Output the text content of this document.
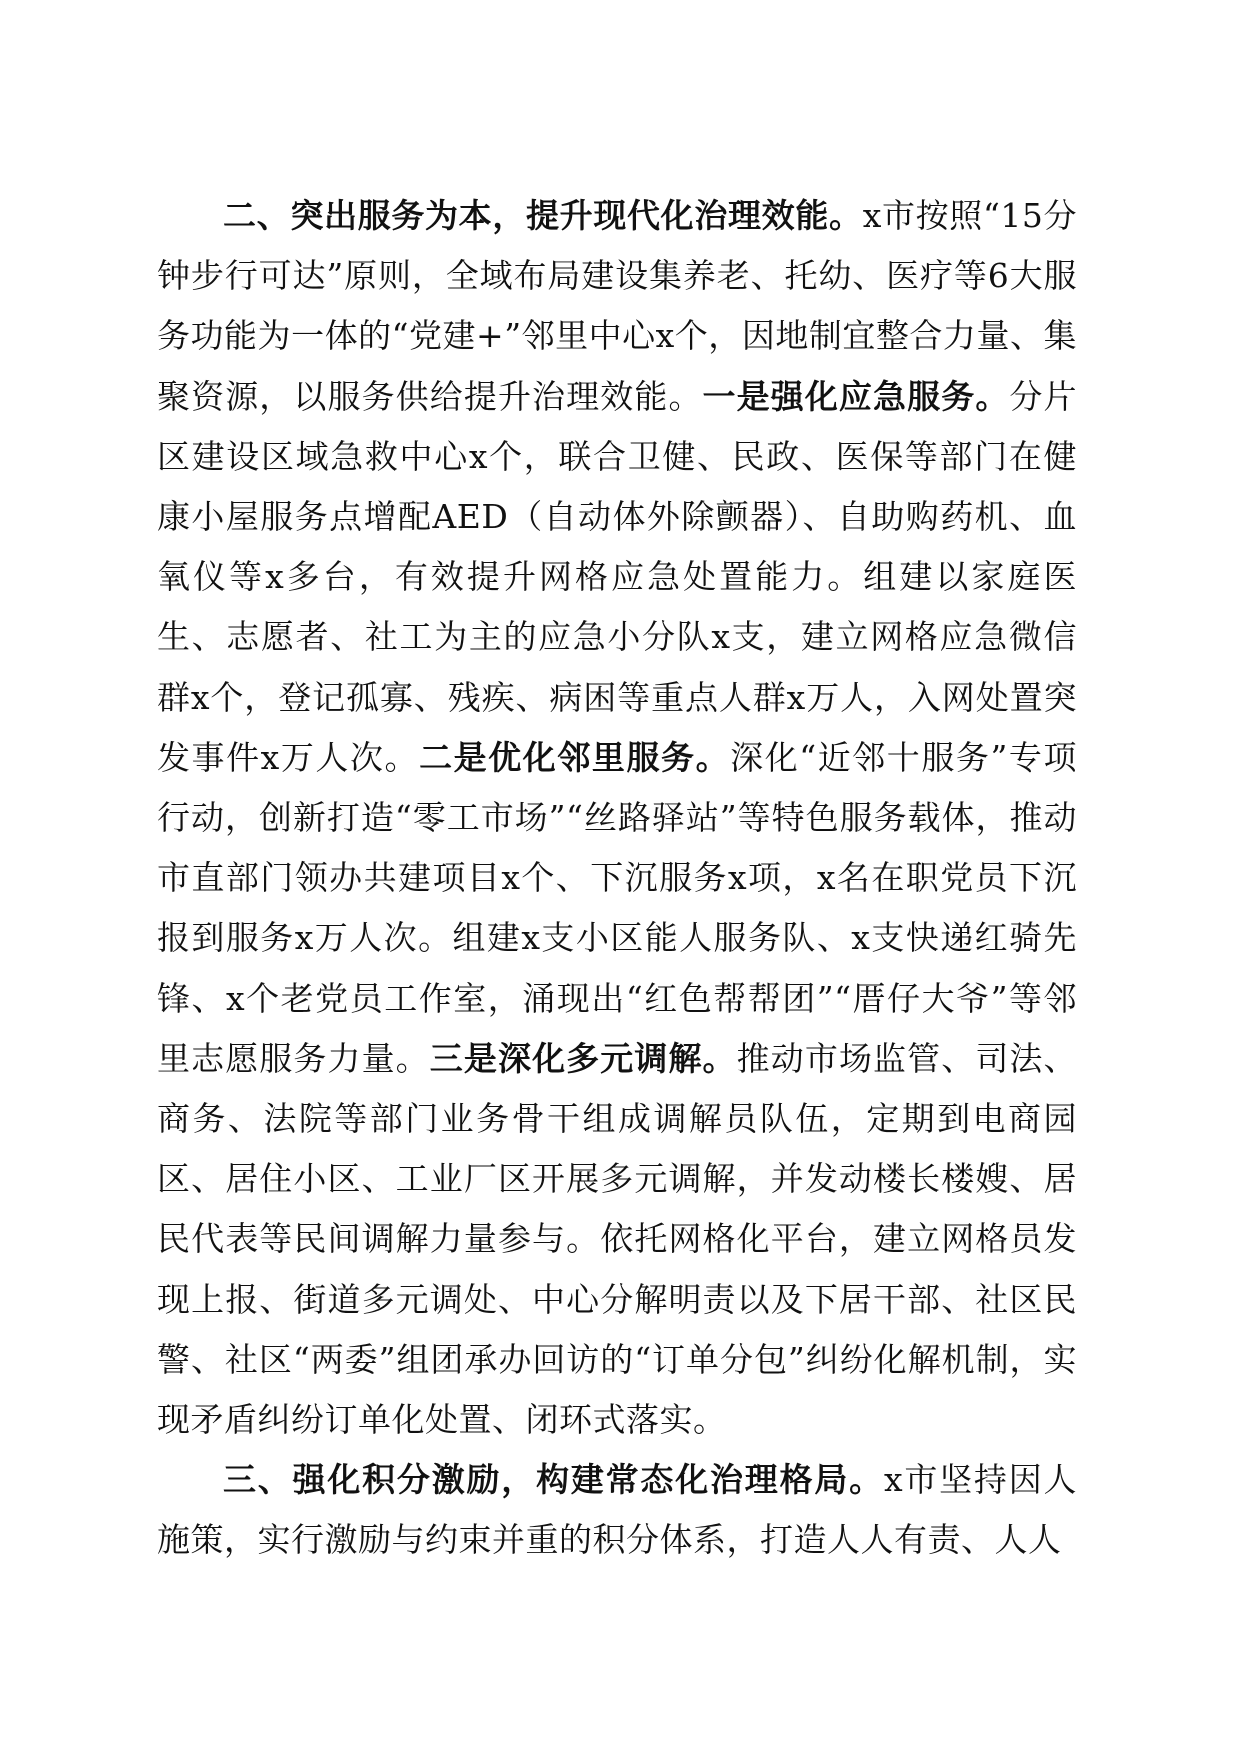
二、突出服务为本，提升现代化治理效能。x市按照“15分钟步行可达”原则，全域布局建设集养老、托幼、医疗等6大服务功能为一体的“党建+”邻里中心x个，因地制宜整合力量、集聚资源，以服务供给提升治理效能。一是强化应急服务。分片区建设区域急救中心x个，联合卫健、民政、医保等部门在健康小屋服务点增配AED（自动体外除颤器）、自助购药机、血氧仪等x多台，有效提升网格应急处置能力。组建以家庭医生、志愿者、社工为主的应急小分队x支，建立网格应急微信群x个，登记孤寡、残疾、病困等重点人群x万人，入网处置突发事件x万人次。二是优化邻里服务。深化“近邻十服务”专项行动，创新打造“零工市场”“丝路驿站”等特色服务载体，推动市直部门领办共建项目x个、下沉服务x项，x名在职党员下沉报到服务x万人次。组建x支小区能人服务队、x支快递红骑先锋、x个老党员工作室，涌现出“红色帮帮团”“厝仔大爷”等邻里志愿服务力量。三是深化多元调解。推动市场监管、司法、商务、法院等部门业务骨干组成调解员队伍，定期到电商园区、居住小区、工业厂区开展多元调解，并发动楼长楼嫂、居民代表等民间调解力量参与。依托网格化平台，建立网格员发现上报、街道多元调处、中心分解明责以及下居干部、社区民警、社区“两委”组团承办回访的“订单分包”纠纷化解机制，实现矛盾纠纷订单化处置、闭环式落实。

三、强化积分激励，构建常态化治理格局。x市坚持因人施策，实行激励与约束并重的积分体系，打造人人有责、人人
